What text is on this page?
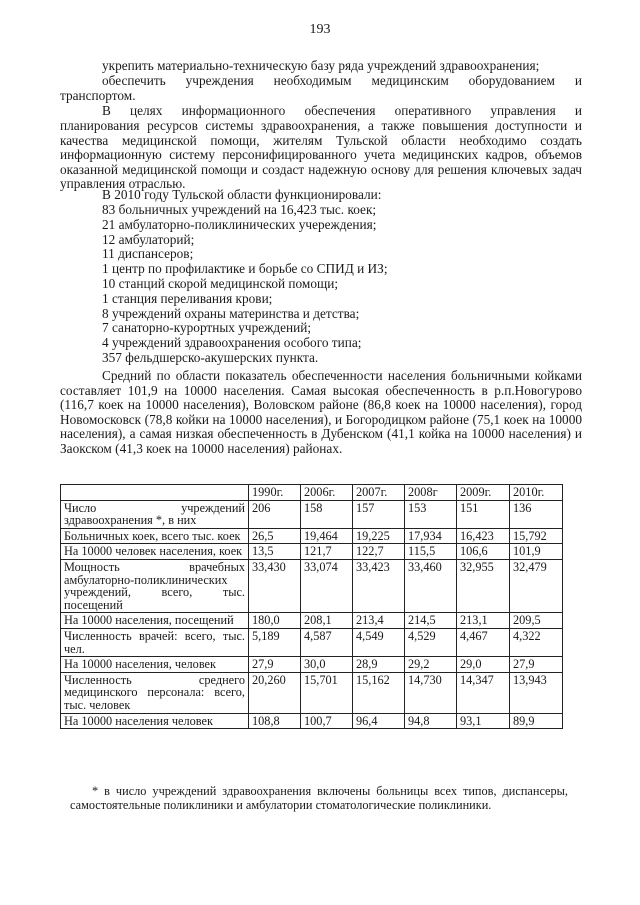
193

укрепить материально-техническую базу ряда учреждений здравоохранения;

обеспечить учреждения необходимым медицинским оборудованием и

транспортом.

В целях информационного обеспечения оперативного управления и

планирования ресурсов системы здравоохранения, а также повышения доступности и качества медицинской помощи, жителям Тульской области необходимо создать информационную систему персонифицированного учета медицинских кадров, объемов оказанной медицинской помощи и создаст надежную основу для решения ключевых задач управления отраслью.

В 2010 году Тульской области функционировали:

83 больничных учреждений на 16,423 тыс. коек;
21 амбулаторно-поликлинических учереждения;
12 амбулаторий;
11 диспансеров;
1 центр по профилактике и борьбе со СПИД и ИЗ;
10 станций скорой медицинской помощи;
1 станция переливания крови;
8 учреждений охраны материнства и детства;
7 санаторно-курортных учреждений;
4 учреждений здравоохранения особого типа;
357 фельдшерско-акушерских пункта.

Средний по области показатель обеспеченности населения больничными койками составляет 101,9 на 10000 населения. Самая высокая обеспеченность в р.п.Новогурово (116,7 коек на 10000 населения), Воловском районе (86,8 коек на 10000 населения), город Новомосковск (78,8 койки на 10000 населения), и Богородицком районе (75,1 коек на 10000 населения), а самая низкая обеспеченность в Дубенском (41,1 койка на 10000 населения) и Заокском (41,3 коек на 10000 населения) районах.

	1990г.	2006г.	2007г.	2008г	2009г.	2010г.
Число учреждений здравоохранения *, в них	206	158	157	153	151	136
Больничных коек, всего тыс. коек	26,5	19,464	19,225	17,934	16,423	15,792
На 10000 человек населения, коек	13,5	121,7	122,7	115,5	106,6	101,9
Мощность врачебных амбулаторно-поликлинических учреждений, всего, тыс. посещений	33,430	33,074	33,423	33,460	32,955	32,479
На 10000 населения, посещений	180,0	208,1	213,4	214,5	213,1	209,5
Численность врачей: всего, тыс. чел.	5,189	4,587	4,549	4,529	4,467	4,322
На 10000 населения, человек	27,9	30,0	28,9	29,2	29,0	27,9
Численность среднего медицинского персонала: всего, тыс. человек	20,260	15,701	15,162	14,730	14,347	13,943
На 10000 населения человек	108,8	100,7	96,4	94,8	93,1	89,9

* в число учреждений здравоохранения включены больницы всех типов, диспансеры, самостоятельные поликлиники и амбулатории стоматологические поликлиники.
